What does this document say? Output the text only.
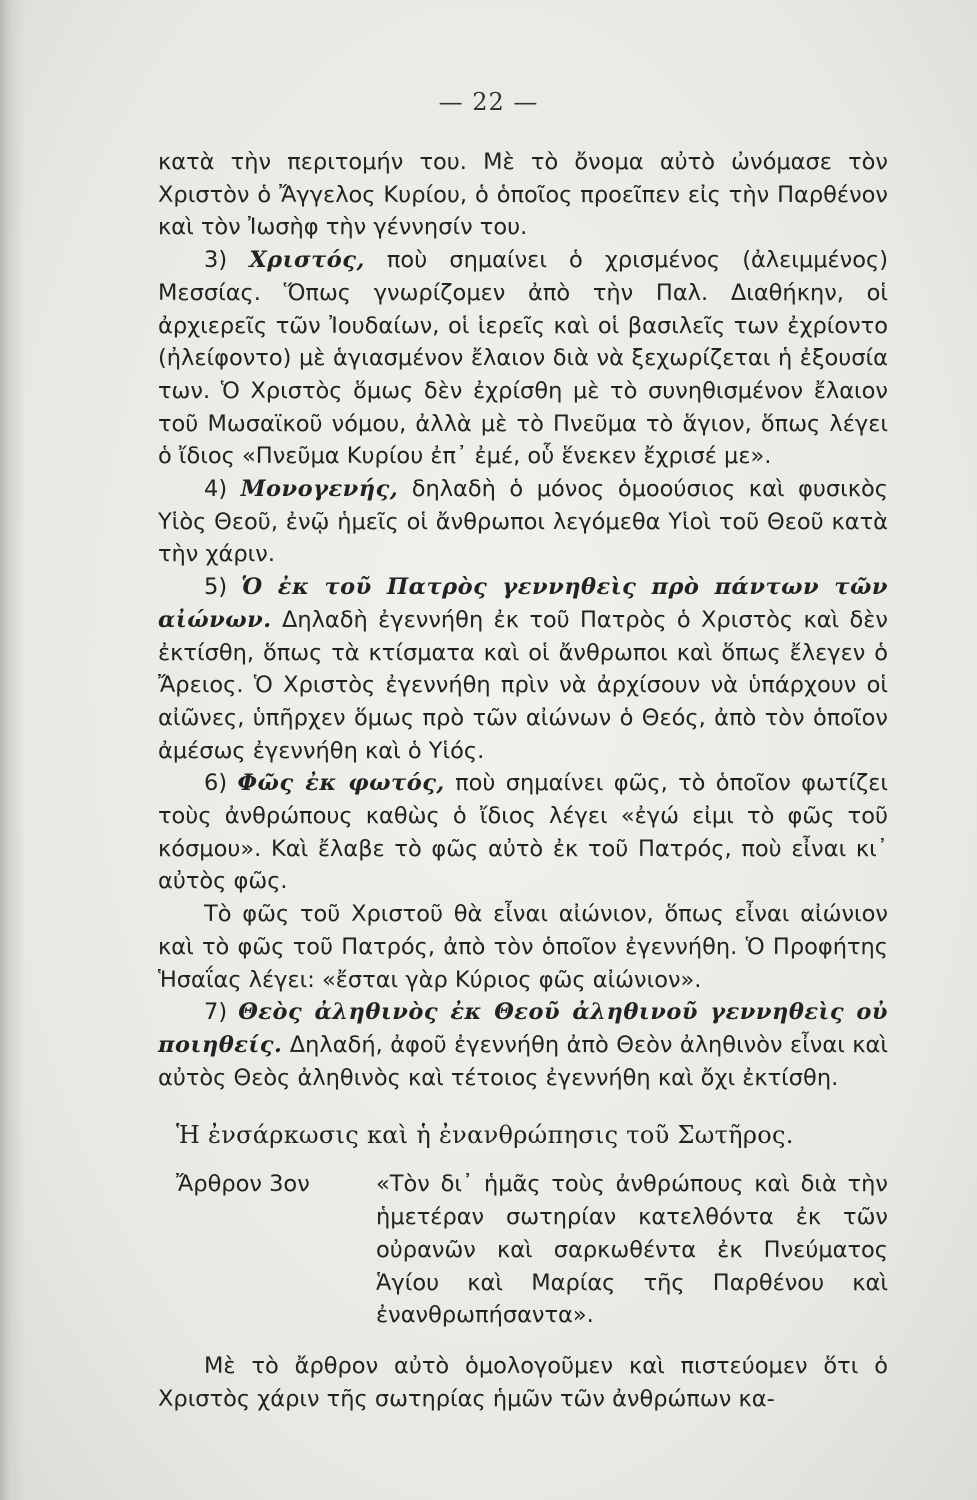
— 22 —

κατὰ τὴν περιτομήν του. Μὲ τὸ ὄνομα αὐτὸ ὠνόμασε τὸν Χριστὸν ὁ Ἄγγελος Κυρίου, ὁ ὁποῖος προεῖπεν εἰς τὴν Παρθένον καὶ τὸν Ἰωσὴφ τὴν γέννησίν του.

3) Χριστός, ποὺ σημαίνει ὁ χρισμένος (ἀλειμμένος) Μεσσίας. Ὅπως γνωρίζομεν ἀπὸ τὴν Παλ. Διαθήκην, οἱ ἀρχιερεῖς τῶν Ἰουδαίων, οἱ ἱερεῖς καὶ οἱ βασιλεῖς των ἐχρίοντο (ἠλείφοντο) μὲ ἁγιασμένον ἔλαιον διὰ νὰ ξεχωρίζεται ἡ ἐξουσία των. Ὁ Χριστὸς ὅμως δὲν ἐχρίσθη μὲ τὸ συνηθισμένον ἔλαιον τοῦ Μωσαϊκοῦ νόμου, ἀλλὰ μὲ τὸ Πνεῦμα τὸ ἅγιον, ὅπως λέγει ὁ ἴδιος «Πνεῦμα Κυρίου ἐπ᾽ ἐμέ, οὗ ἕνεκεν ἔχρισέ με».

4) Μονογενής, δηλαδὴ ὁ μόνος ὁμοούσιος καὶ φυσικὸς Υἱὸς Θεοῦ, ἐνῷ ἡμεῖς οἱ ἄνθρωποι λεγόμεθα Υἱοὶ τοῦ Θεοῦ κατὰ τὴν χάριν.

5) Ὁ ἐκ τοῦ Πατρὸς γεννηθεὶς πρὸ πάντων τῶν αἰώνων. Δηλαδὴ ἐγεννήθη ἐκ τοῦ Πατρὸς ὁ Χριστὸς καὶ δὲν ἐκτίσθη, ὅπως τὰ κτίσματα καὶ οἱ ἄνθρωποι καὶ ὅπως ἔλεγεν ὁ Ἄρειος. Ὁ Χριστὸς ἐγεννήθη πρὶν νὰ ἀρχίσουν νὰ ὑπάρχουν οἱ αἰῶνες, ὑπῆρχεν ὅμως πρὸ τῶν αἰώνων ὁ Θεός, ἀπὸ τὸν ὁποῖον ἀμέσως ἐγεννήθη καὶ ὁ Υἱός.

6) Φῶς ἐκ φωτός, ποὺ σημαίνει φῶς, τὸ ὁποῖον φωτίζει τοὺς ἀνθρώπους καθὼς ὁ ἴδιος λέγει «ἐγώ εἰμι τὸ φῶς τοῦ κόσμου». Καὶ ἔλαβε τὸ φῶς αὐτὸ ἐκ τοῦ Πατρός, ποὺ εἶναι κι᾽ αὐτὸς φῶς.

Τὸ φῶς τοῦ Χριστοῦ θὰ εἶναι αἰώνιον, ὅπως εἶναι αἰώνιον καὶ τὸ φῶς τοῦ Πατρός, ἀπὸ τὸν ὁποῖον ἐγεννήθη. Ὁ Προφήτης Ἡσαΐας λέγει: «ἔσται γὰρ Κύριος φῶς αἰώνιον».

7) Θεὸς ἀληθινὸς ἐκ Θεοῦ ἀληθινοῦ γεννηθεὶς οὐ ποιηθείς. Δηλαδή, ἀφοῦ ἐγεννήθη ἀπὸ Θεὸν ἀληθινὸν εἶναι καὶ αὐτὸς Θεὸς ἀληθινὸς καὶ τέτοιος ἐγεννήθη καὶ ὄχι ἐκτίσθη.

Ἡ ἐνσάρκωσις καὶ ἡ ἐνανθρώπησις τοῦ Σωτῆρος.
Ἄρθρον 3ον	«Τὸν δι᾽ ἡμᾶς τοὺς ἀνθρώπους καὶ διὰ τὴν ἡμετέραν σωτηρίαν κατελθόντα ἐκ τῶν οὐρανῶν καὶ σαρκωθέντα ἐκ Πνεύματος Ἁγίου καὶ Μαρίας τῆς Παρθένου καὶ ἐνανθρωπήσαντα».

Μὲ τὸ ἄρθρον αὐτὸ ὁμολογοῦμεν καὶ πιστεύομεν ὅτι ὁ Χριστὸς χάριν τῆς σωτηρίας ἡμῶν τῶν ἀνθρώπων κα-
